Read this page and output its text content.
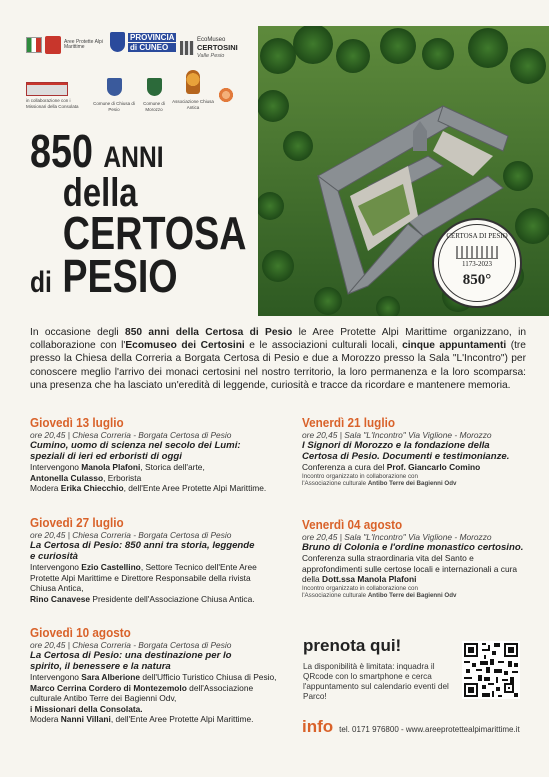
Aree Protette Alpi Marittime
PROVINCIA
di CUNEO
EcoMuseo
CERTOSINI
Valle Pesio
in collaborazione con i Missionari della Consolata	Comune di Chiusa di Pesio
Comune di Morozzo
Associazione Chiusa Antica
850 ANNI
della
CERTOSA
di PESIO
CERTOSA DI PESIO
1173-2023
850°
In occasione degli 850 anni della Certosa di Pesio le Aree Protette Alpi Marittime organizzano, in collaborazione con l'Ecomuseo dei Certosini e le associazioni culturali locali, cinque appuntamenti (tre presso la Chiesa della Correria a Borgata Certosa di Pesio e due a Morozzo presso la Sala "L'Incontro") per conoscere meglio l'arrivo dei monaci certosini nel nostro territorio, la loro permanenza e la loro scomparsa: una presenza che ha lasciato un'eredità di leggende, curiosità e tracce da ricordare e mantenere memoria.
Giovedì 13 luglio
ore 20,45 | Chiesa Correria - Borgata Certosa di Pesio
Cumino, uomo di scienza nel secolo dei Lumi: speziali di ieri ed erboristi di oggi
Intervengono Manola Plafoni, Storica dell'arte,
Antonella Culasso, Erborista
Modera Erika Chiecchio, dell'Ente Aree Protette Alpi Marittime.
Giovedì 27 luglio
ore 20,45 | Chiesa Correria - Borgata Certosa di Pesio
La Certosa di Pesio: 850 anni tra storia, leggende e curiosità
Intervengono Ezio Castellino, Settore Tecnico dell'Ente Aree Protette Alpi Marittime e Direttore Responsabile della rivista Chiusa Antica,
Rino Canavese Presidente dell'Associazione Chiusa Antica.
Giovedì 10 agosto
ore 20,45 | Chiesa Correria - Borgata Certosa di Pesio
La Certosa di Pesio: una destinazione per lo spirito, il benessere e la natura
Intervengono Sara Alberione dell'Ufficio Turistico Chiusa di Pesio, Marco Cerrina Cordero di Montezemolo dell'Associazione culturale Antibo Terre dei Bagienni Odv,
i Missionari della Consolata.
Modera Nanni Villani, dell'Ente Aree Protette Alpi Marittime.
Venerdì 21 luglio
ore 20,45 | Sala "L'Incontro" Via Viglione - Morozzo
I Signori di Morozzo e la fondazione della Certosa di Pesio. Documenti e testimonianze.
Conferenza a cura del Prof. Giancarlo Comino
Incontro organizzato in collaborazione con
l'Associazione culturale Antibo Terre dei Bagienni Odv
Venerdì 04 agosto
ore 20,45 | Sala "L'Incontro" Via Viglione - Morozzo
Bruno di Colonia e l'ordine monastico certosino.
Conferenza sulla straordinaria vita del Santo e approfondimenti sulle certose locali e internazionali a cura della Dott.ssa Manola Plafoni
Incontro organizzato in collaborazione con
l'Associazione culturale Antibo Terre dei Bagienni Odv
prenota qui!
La disponibilità è limitata: inquadra il QRcode con lo smartphone e cerca l'appuntamento sul calendario eventi del Parco!
info tel. 0171 976800 - www.areeprotettealpimarittime.it
